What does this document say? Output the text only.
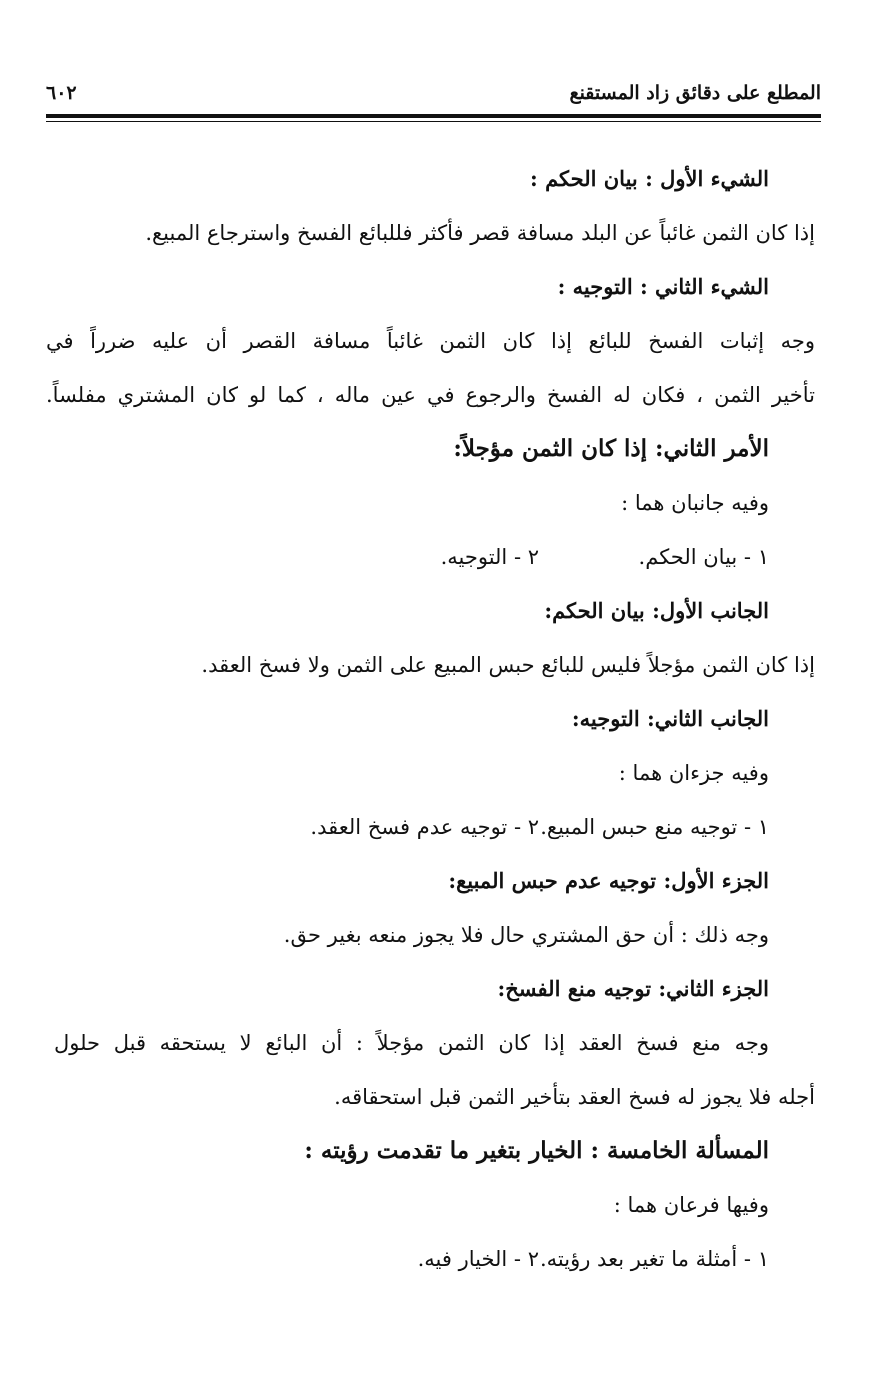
المطلع على دقائق زاد المستقنع
٦٠٢
الشيء الأول : بيان الحكم :
إذا كان الثمن غائباً عن البلد مسافة قصر فأكثر فللبائع الفسخ واسترجاع المبيع.
الشيء الثاني : التوجيه :
وجه إثبات الفسخ للبائع إذا كان الثمن غائباً مسافة القصر أن عليه ضرراً في
تأخير الثمن ، فكان له الفسخ والرجوع في عين ماله ، كما لو كان المشتري مفلساً.
الأمر الثاني: إذا كان الثمن مؤجلاً:
وفيه جانبان هما :
١ - بيان الحكم.
٢ - التوجيه.
الجانب الأول: بيان الحكم:
إذا كان الثمن مؤجلاً فليس للبائع حبس المبيع على الثمن ولا فسخ العقد.
الجانب الثاني: التوجيه:
وفيه جزءان هما :
١ - توجيه منع حبس المبيع.
٢ - توجيه عدم فسخ العقد.
الجزء الأول: توجيه عدم حبس المبيع:
وجه ذلك : أن حق المشتري حال فلا يجوز منعه بغير حق.
الجزء الثاني: توجيه منع الفسخ:
وجه منع فسخ العقد إذا كان الثمن مؤجلاً : أن البائع لا يستحقه قبل حلول
أجله فلا يجوز له فسخ العقد بتأخير الثمن قبل استحقاقه.
المسألة الخامسة : الخيار بتغير ما تقدمت رؤيته :
وفيها فرعان هما :
١ - أمثلة ما تغير بعد رؤيته.
٢ - الخيار فيه.
